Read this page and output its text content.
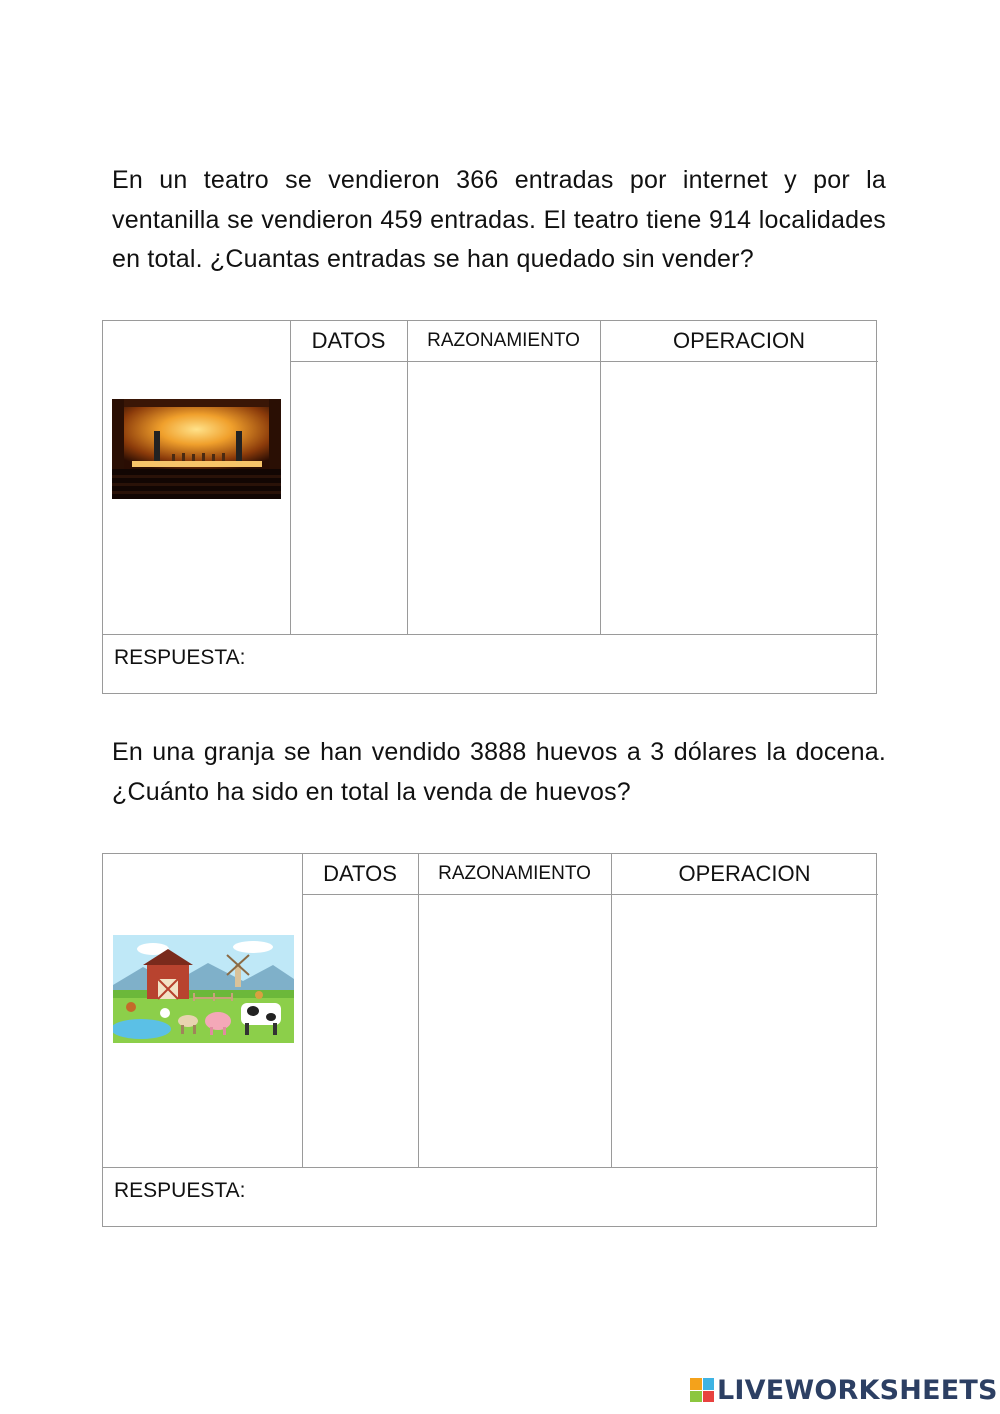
En un teatro se vendieron 366 entradas por internet y por la ventanilla se vendieron 459 entradas. El teatro tiene 914 localidades en total. ¿Cuantas entradas se han quedado sin vender?
DATOS	RAZONAMIENTO	OPERACION
RESPUESTA:
En una granja se han vendido 3888 huevos a 3 dólares la docena. ¿Cuánto ha sido en total la venda de huevos?
DATOS	RAZONAMIENTO	OPERACION
RESPUESTA:
LIVEWORKSHEETS
